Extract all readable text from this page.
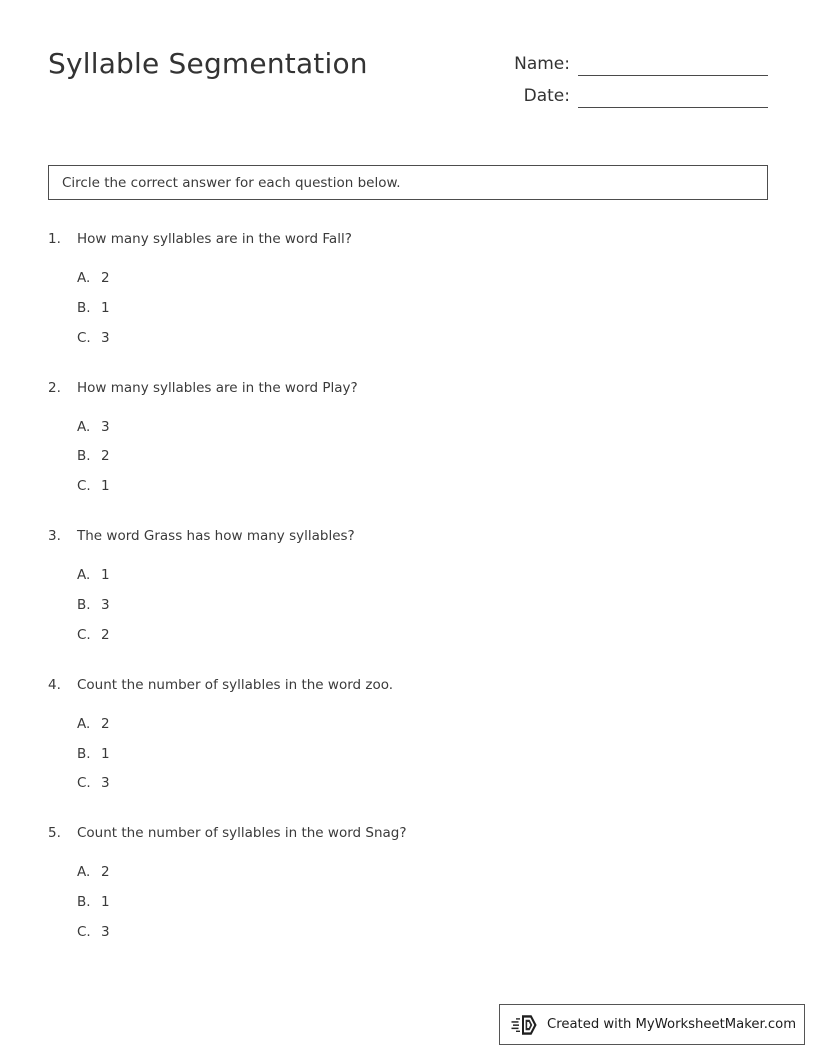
Syllable Segmentation	Name:
Date:
Circle the correct answer for each question below.
1.	How many syllables are in the word Fall?
A. 2
B. 1
C. 3
2.	How many syllables are in the word Play?
A. 3
B. 2
C. 1
3.	The word Grass has how many syllables?
A. 1
B. 3
C. 2
4.	Count the number of syllables in the word zoo.
A. 2
B. 1
C. 3
5.	Count the number of syllables in the word Snag?
A. 2
B. 1
C. 3
Created with MyWorksheetMaker.com
